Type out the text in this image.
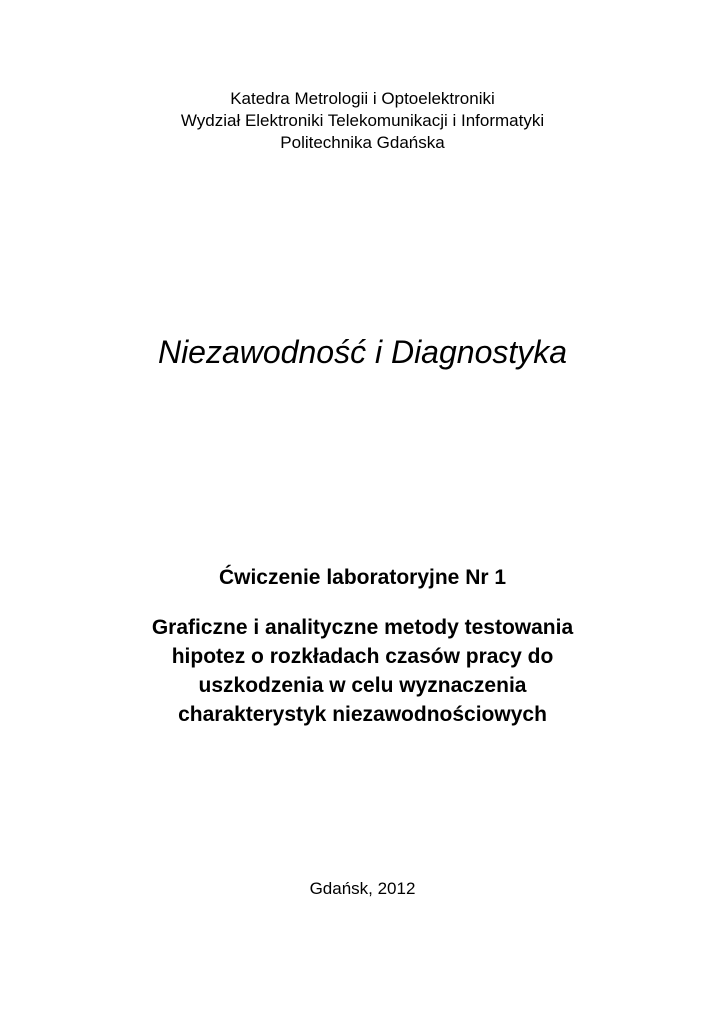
Katedra Metrologii i Optoelektroniki
Wydział Elektroniki Telekomunikacji i Informatyki
Politechnika Gdańska
Niezawodność i Diagnostyka
Ćwiczenie laboratoryjne Nr 1
Graficzne i analityczne metody testowania
hipotez o rozkładach czasów pracy do
uszkodzenia w celu wyznaczenia
charakterystyk niezawodnościowych
Gdańsk, 2012
